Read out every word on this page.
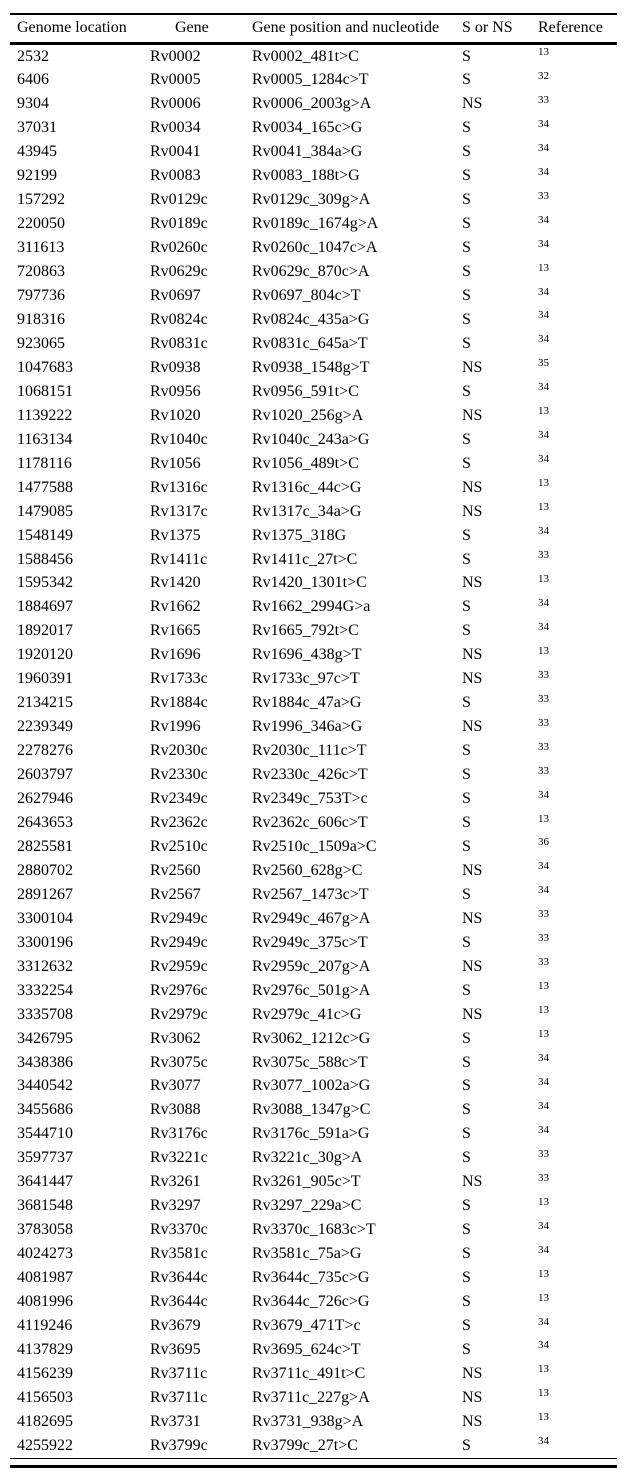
Genome location	Gene	Gene position and nucleotide	S or NS	Reference
2532	Rv0002	Rv0002_481t>C	S	$^{13}$
6406	Rv0005	Rv0005_1284c>T	S	$^{32}$
9304	Rv0006	Rv0006_2003g>A	NS	$^{33}$
37031	Rv0034	Rv0034_165c>G	S	$^{34}$
43945	Rv0041	Rv0041_384a>G	S	$^{34}$
92199	Rv0083	Rv0083_188t>G	S	$^{34}$
157292	Rv0129c	Rv0129c_309g>A	S	$^{33}$
220050	Rv0189c	Rv0189c_1674g>A	S	$^{34}$
311613	Rv0260c	Rv0260c_1047c>A	S	$^{34}$
720863	Rv0629c	Rv0629c_870c>A	S	$^{13}$
797736	Rv0697	Rv0697_804c>T	S	$^{34}$
918316	Rv0824c	Rv0824c_435a>G	S	$^{34}$
923065	Rv0831c	Rv0831c_645a>T	S	$^{34}$
1047683	Rv0938	Rv0938_1548g>T	NS	$^{35}$
1068151	Rv0956	Rv0956_591t>C	S	$^{34}$
1139222	Rv1020	Rv1020_256g>A	NS	$^{13}$
1163134	Rv1040c	Rv1040c_243a>G	S	$^{34}$
1178116	Rv1056	Rv1056_489t>C	S	$^{34}$
1477588	Rv1316c	Rv1316c_44c>G	NS	$^{13}$
1479085	Rv1317c	Rv1317c_34a>G	NS	$^{13}$
1548149	Rv1375	Rv1375_318G	S	$^{34}$
1588456	Rv1411c	Rv1411c_27t>C	S	$^{33}$
1595342	Rv1420	Rv1420_1301t>C	NS	$^{13}$
1884697	Rv1662	Rv1662_2994G>a	S	$^{34}$
1892017	Rv1665	Rv1665_792t>C	S	$^{34}$
1920120	Rv1696	Rv1696_438g>T	NS	$^{13}$
1960391	Rv1733c	Rv1733c_97c>T	NS	$^{33}$
2134215	Rv1884c	Rv1884c_47a>G	S	$^{33}$
2239349	Rv1996	Rv1996_346a>G	NS	$^{33}$
2278276	Rv2030c	Rv2030c_111c>T	S	$^{33}$
2603797	Rv2330c	Rv2330c_426c>T	S	$^{33}$
2627946	Rv2349c	Rv2349c_753T>c	S	$^{34}$
2643653	Rv2362c	Rv2362c_606c>T	S	$^{13}$
2825581	Rv2510c	Rv2510c_1509a>C	S	$^{36}$
2880702	Rv2560	Rv2560_628g>C	NS	$^{34}$
2891267	Rv2567	Rv2567_1473c>T	S	$^{34}$
3300104	Rv2949c	Rv2949c_467g>A	NS	$^{33}$
3300196	Rv2949c	Rv2949c_375c>T	S	$^{33}$
3312632	Rv2959c	Rv2959c_207g>A	NS	$^{33}$
3332254	Rv2976c	Rv2976c_501g>A	S	$^{13}$
3335708	Rv2979c	Rv2979c_41c>G	NS	$^{13}$
3426795	Rv3062	Rv3062_1212c>G	S	$^{13}$
3438386	Rv3075c	Rv3075c_588c>T	S	$^{34}$
3440542	Rv3077	Rv3077_1002a>G	S	$^{34}$
3455686	Rv3088	Rv3088_1347g>C	S	$^{34}$
3544710	Rv3176c	Rv3176c_591a>G	S	$^{34}$
3597737	Rv3221c	Rv3221c_30g>A	S	$^{33}$
3641447	Rv3261	Rv3261_905c>T	NS	$^{33}$
3681548	Rv3297	Rv3297_229a>C	S	$^{13}$
3783058	Rv3370c	Rv3370c_1683c>T	S	$^{34}$
4024273	Rv3581c	Rv3581c_75a>G	S	$^{34}$
4081987	Rv3644c	Rv3644c_735c>G	S	$^{13}$
4081996	Rv3644c	Rv3644c_726c>G	S	$^{13}$
4119246	Rv3679	Rv3679_471T>c	S	$^{34}$
4137829	Rv3695	Rv3695_624c>T	S	$^{34}$
4156239	Rv3711c	Rv3711c_491t>C	NS	$^{13}$
4156503	Rv3711c	Rv3711c_227g>A	NS	$^{13}$
4182695	Rv3731	Rv3731_938g>A	NS	$^{13}$
4255922	Rv3799c	Rv3799c_27t>C	S	$^{34}$
